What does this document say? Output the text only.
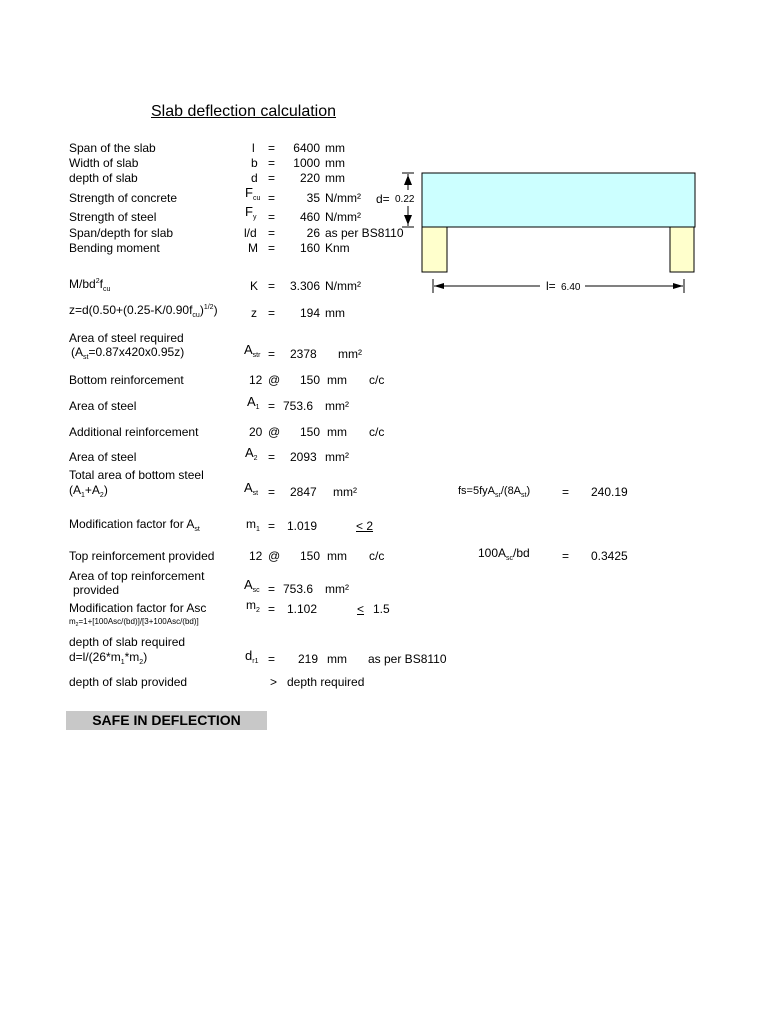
Slab deflection calculation
Span of the slab	l =	6400 mm
Width of slab	b =	1000 mm
depth of slab	d =	220 mm
Strength of concrete	$F_{cu}$ =	35 N/mm²
Strength of steel	$F_y$ =	460 N/mm²
Span/depth for slab	l/d =	26 as per BS8110
Bending moment	M =	160 Knm
$M/bd^2f_{cu}$	K =	3.306 N/mm²
$z=d(0.50+(0.25-K/0.90f_{cu})^{1/2})$	z =	194 mm
Area of steel required
$(A_{st}=0.87x420x0.95z)$	$A_{str} = 2378$ mm²
Bottom reinforcement	12 @	150 mm c/c
Area of steel	$A_1 = 753.6$ mm²
Additional reinforcement	20 @	150 mm c/c
Area of steel	$A_2 = 2093$ mm²
Total area of bottom steel
$(A_1+A_2)$	$A_{st} = 2847$ mm²	$fs=5fyA_{sr}/(8A_{st})$	= 240.19
Modification factor for $A_{st}$	$m_1 = 1.019$	< 2
Top reinforcement provided	12 @	150 mm c/c	$100A_{sc}/bd$	= 0.3425
Area of top reinforcement
provided	$A_{sc} = 753.6$ mm²
Modification factor for Asc	$m_2 = 1.102$	< 1.5
$m_2=1+[100Asc/(bd)]/[3+100Asc/(bd)]$
depth of slab required
$d=l/(26*m_1*m_2)$	$d_{r1} = 219$ mm as per BS8110
depth of slab provided	> depth required
SAFE IN DEFLECTION
d= 0.22
l= 6.40
